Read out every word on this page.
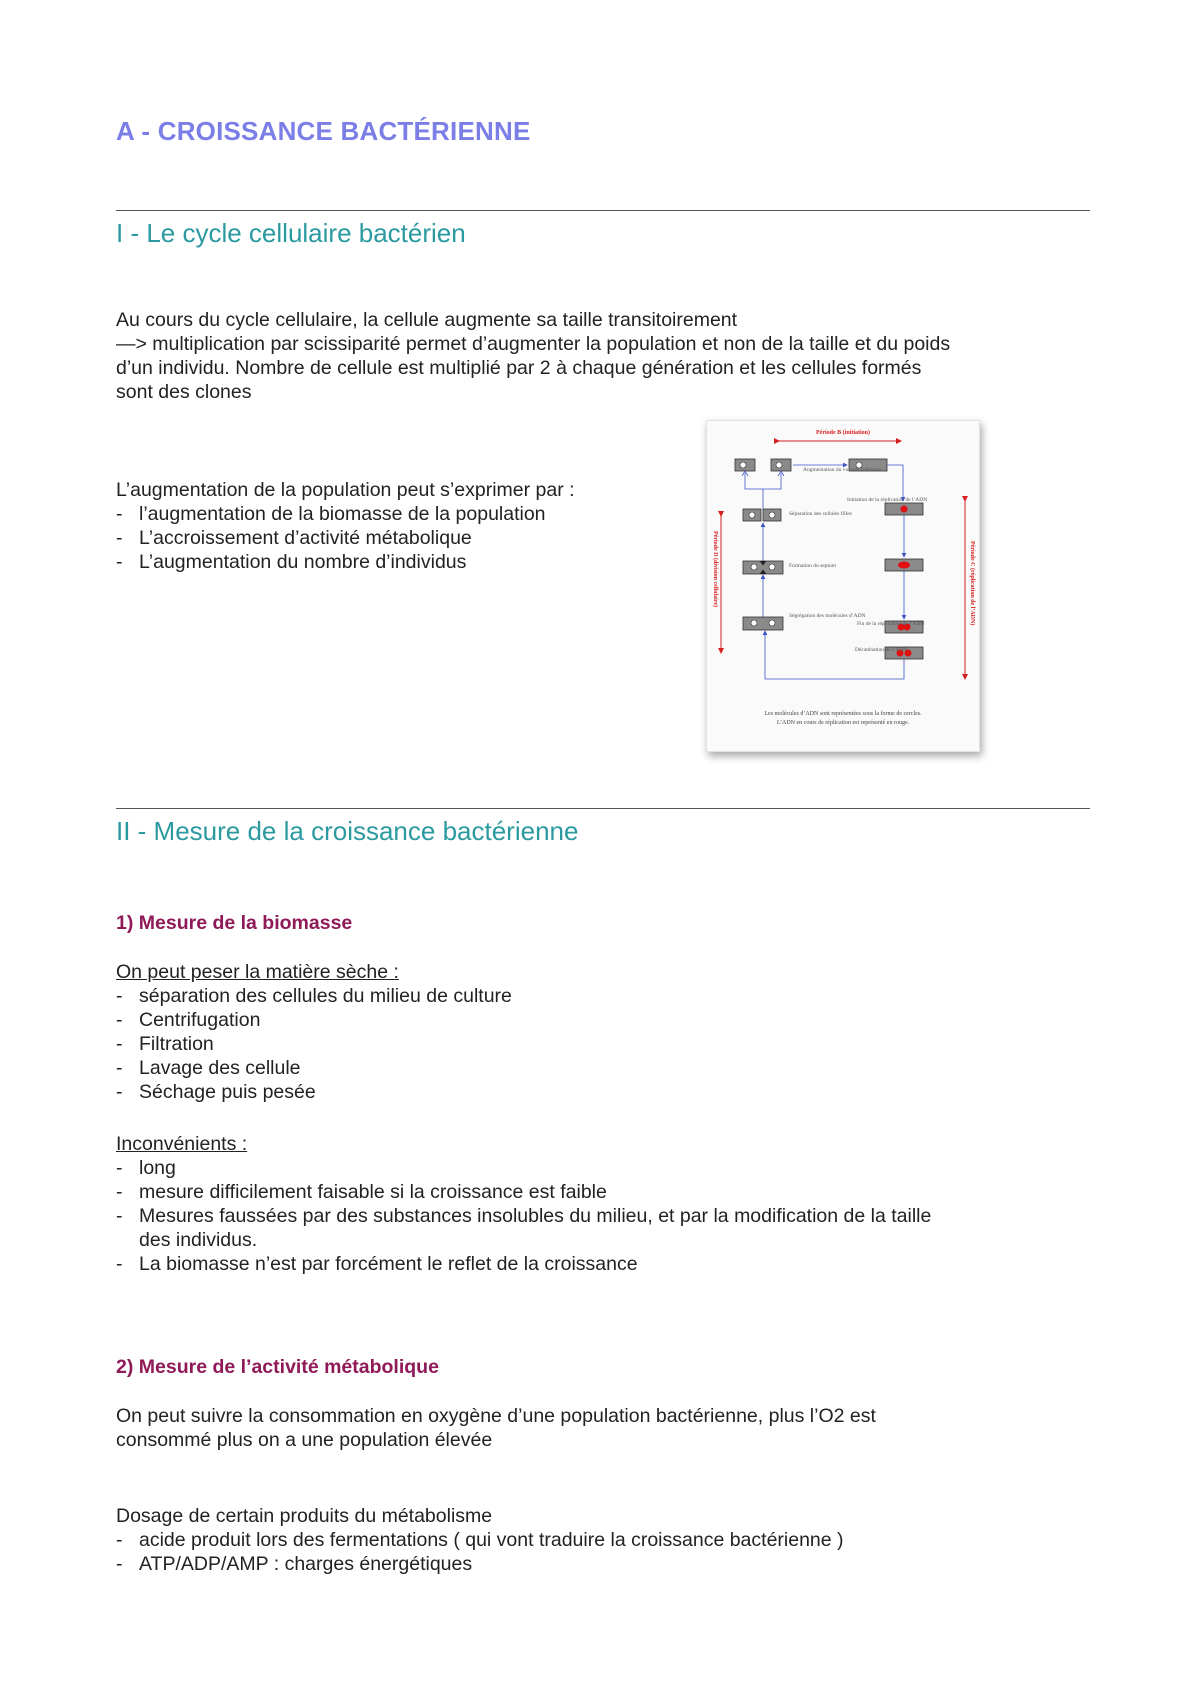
A - CROISSANCE BACTÉRIENNE
I - Le cycle cellulaire bactérien
Au cours du cycle cellulaire, la cellule augmente sa taille transitoirement
—> multiplication par scissiparité permet d’augmenter la population et non de la taille et du poids
d’un individu. Nombre de cellule est multiplié par 2 à chaque génération et les cellules formés
sont des clones
L’augmentation de la population peut s’exprimer par :
- l’augmentation de la biomasse de la population
- L’accroissement d’activité métabolique
- L’augmentation du nombre d’individus
Période B (initiation)
Période D (division cellulaire)	Période C (réplication de l’ADN)
Augmentation du volume cellulaire
Initiation de la réplication de l’ADN
Fin de la réplication de l’ADN
Décaténation de l’ADN
Ségrégation des molécules d’ADN
Formation du septum
Séparation des cellules filles
Les molécules d’ADN sont représentées sous la forme de cercles.
L’ADN en cours de réplication est représenté en rouge.
II - Mesure de la croissance bactérienne
1) Mesure de la biomasse
On peut peser la matière sèche :
- séparation des cellules du milieu de culture
- Centrifugation
- Filtration
- Lavage des cellule
- Séchage puis pesée
Inconvénients :
- long
- mesure difficilement faisable si la croissance est faible
- Mesures faussées par des substances insolubles du milieu, et par la modification de la taille
des individus.
- La biomasse n’est par forcément le reflet de la croissance
2) Mesure de l’activité métabolique
On peut suivre la consommation en oxygène d’une population bactérienne, plus l’O2 est
consommé plus on a une population élevée
Dosage de certain produits du métabolisme
- acide produit lors des fermentations ( qui vont traduire la croissance bactérienne )
- ATP/ADP/AMP : charges énergétiques
